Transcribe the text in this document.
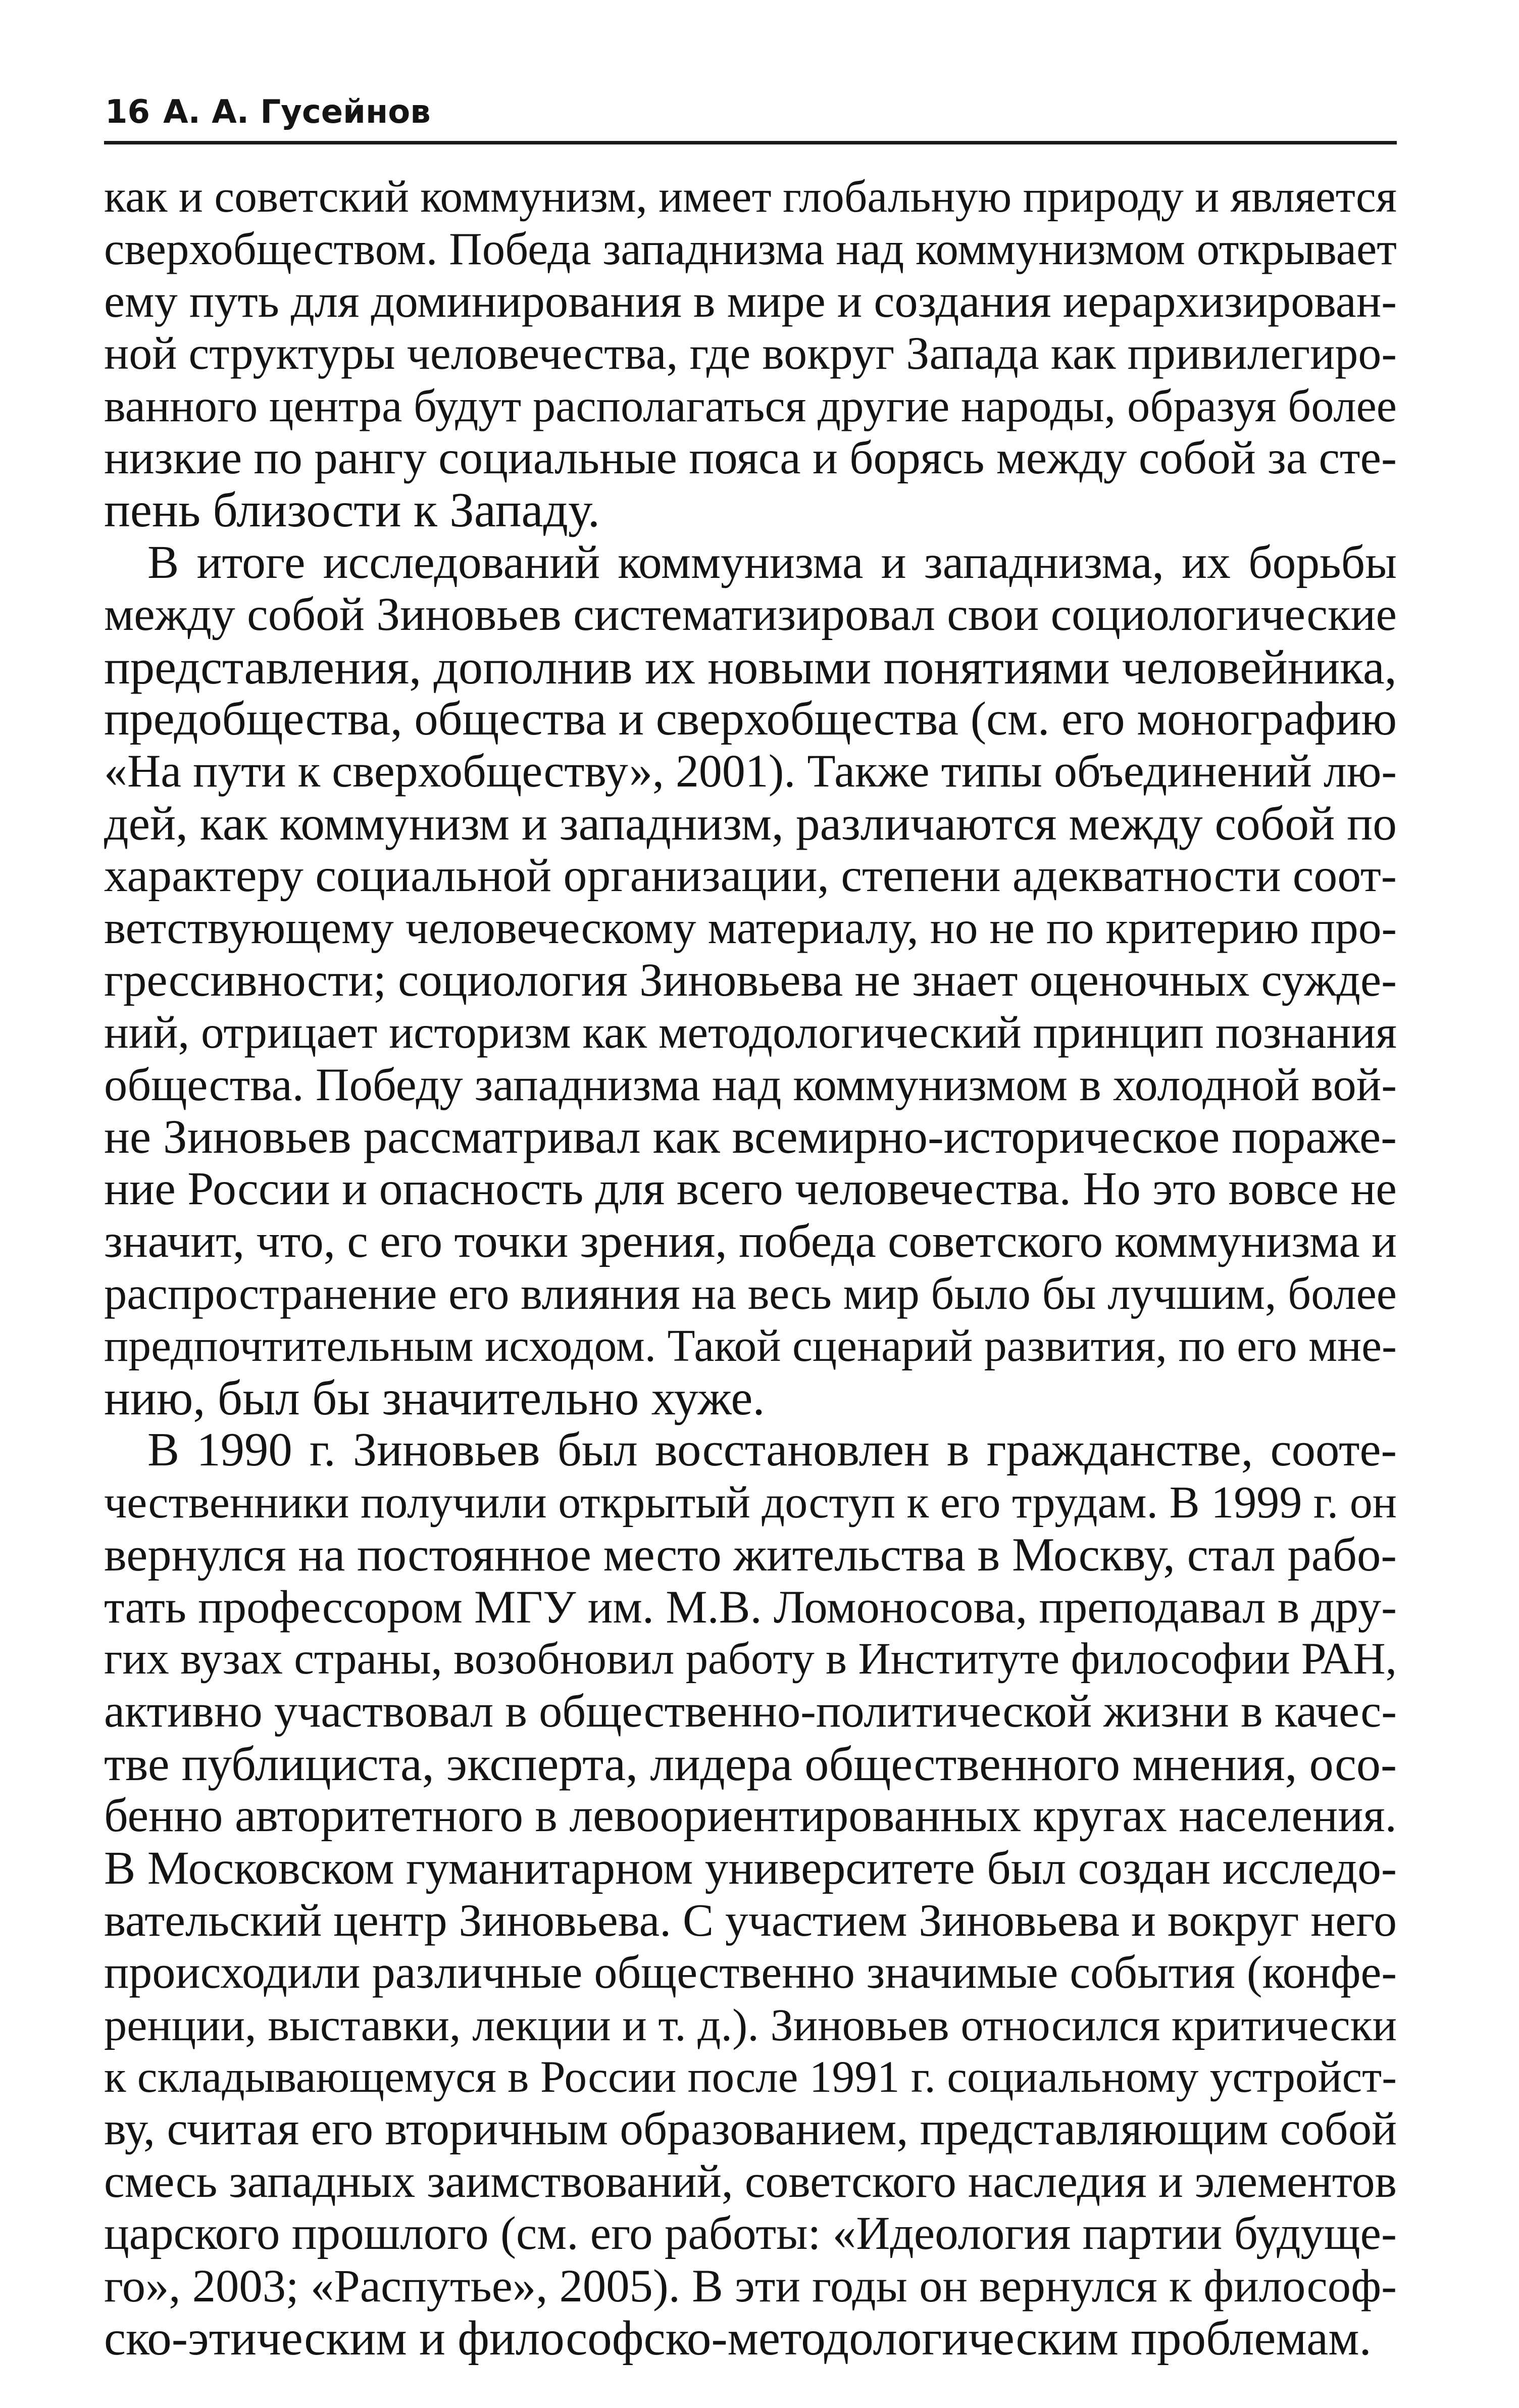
16 А. А. Гусейнов
как и советский коммунизм, имеет глобальную природу и является
сверхобществом. Победа западнизма над коммунизмом открывает
ему путь для доминирования в мире и создания иерархизирован-
ной структуры человечества, где вокруг Запада как привилегиро-
ванного центра будут располагаться другие народы, образуя более
низкие по рангу социальные пояса и борясь между собой за сте-
пень близости к Западу.
В итоге исследований коммунизма и западнизма, их борьбы
между собой Зиновьев систематизировал свои социологические
представления, дополнив их новыми понятиями человейника,
предобщества, общества и сверхобщества (см. его монографию
«На пути к сверхобществу», 2001). Также типы объединений лю-
дей, как коммунизм и западнизм, различаются между собой по
характеру социальной организации, степени адекватности соот-
ветствующему человеческому материалу, но не по критерию про-
грессивности; социология Зиновьева не знает оценочных сужде-
ний, отрицает историзм как методологический принцип познания
общества. Победу западнизма над коммунизмом в холодной вой-
не Зиновьев рассматривал как всемирно-историческое пораже-
ние России и опасность для всего человечества. Но это вовсе не
значит, что, с его точки зрения, победа советского коммунизма и
распространение его влияния на весь мир было бы лучшим, более
предпочтительным исходом. Такой сценарий развития, по его мне-
нию, был бы значительно хуже.
В 1990 г. Зиновьев был восстановлен в гражданстве, сооте-
чественники получили открытый доступ к его трудам. В 1999 г. он
вернулся на постоянное место жительства в Москву, стал рабо-
тать профессором МГУ им. М.В. Ломоносова, преподавал в дру-
гих вузах страны, возобновил работу в Институте философии РАН,
активно участвовал в общественно-политической жизни в качес-
тве публициста, эксперта, лидера общественного мнения, осо-
бенно авторитетного в левоориентированных кругах населения.
В Московском гуманитарном университете был создан исследо-
вательский центр Зиновьева. С участием Зиновьева и вокруг него
происходили различные общественно значимые события (конфе-
ренции, выставки, лекции и т. д.). Зиновьев относился критически
к складывающемуся в России после 1991 г. социальному устройст-
ву, считая его вторичным образованием, представляющим собой
смесь западных заимствований, советского наследия и элементов
царского прошлого (см. его работы: «Идеология партии будуще-
го», 2003; «Распутье», 2005). В эти годы он вернулся к философ-
ско-этическим и философско-методологическим проблемам.
